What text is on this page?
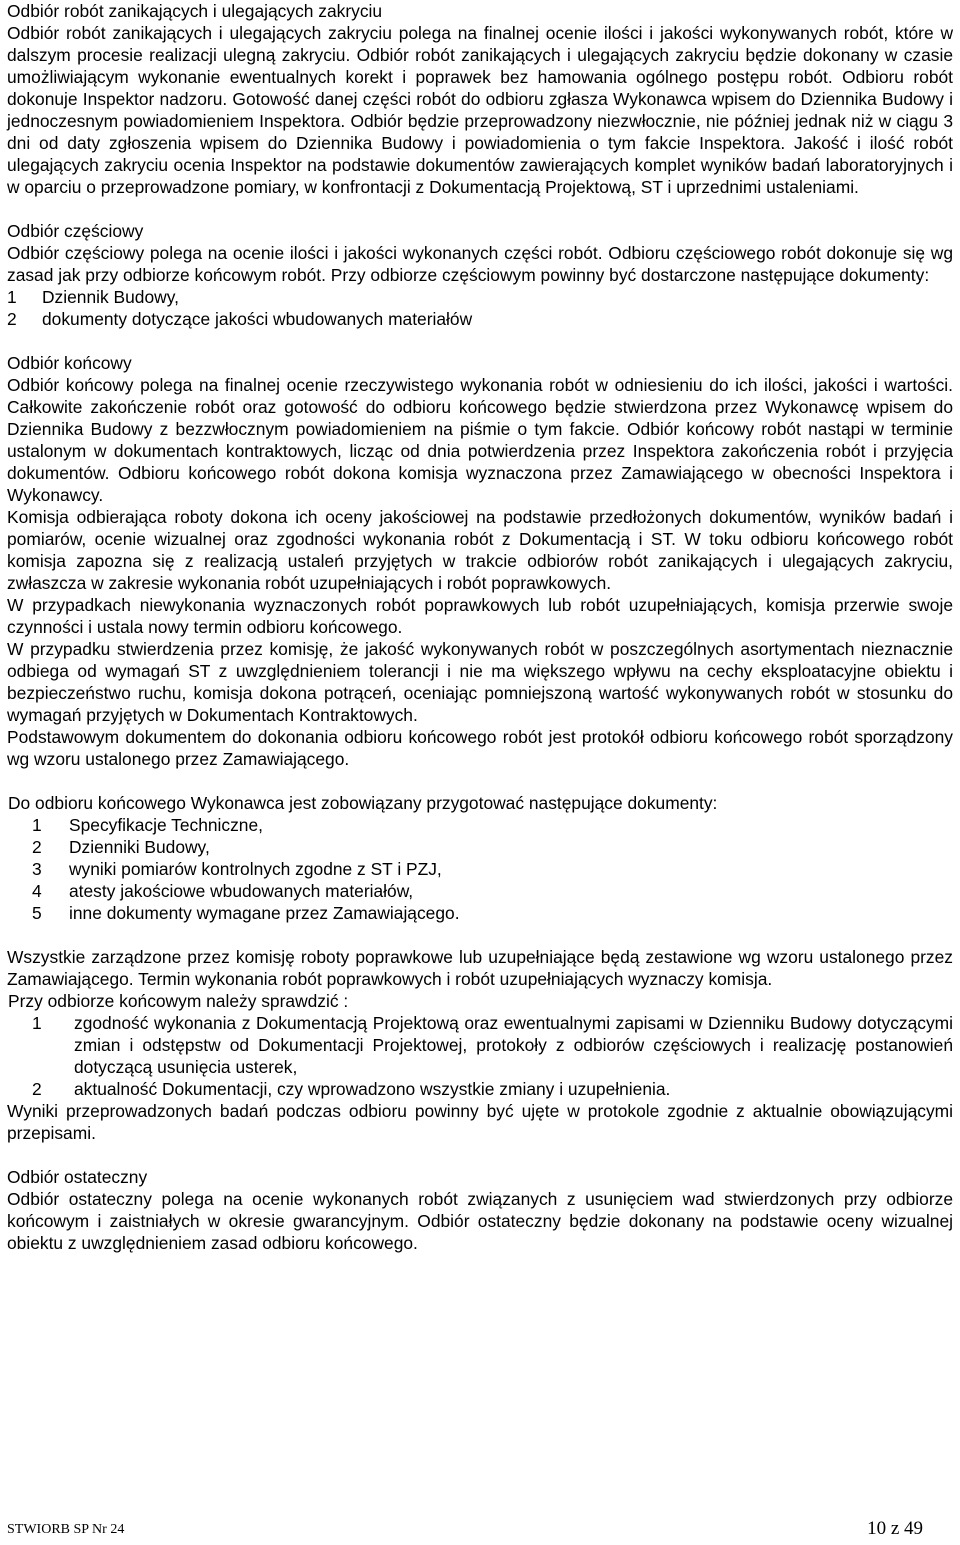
Odbiór robót zanikających i ulegających zakryciu

Odbiór robót zanikających i ulegających zakryciu polega na finalnej ocenie ilości i jakości wykonywanych robót, które w dalszym procesie realizacji ulegną zakryciu. Odbiór robót zanikających i ulegających zakryciu będzie dokonany w czasie umożliwiającym wykonanie ewentualnych korekt i poprawek bez hamowania ogólnego postępu robót. Odbioru robót dokonuje Inspektor nadzoru. Gotowość danej części robót do odbioru zgłasza Wykonawca wpisem do Dziennika Budowy i jednoczesnym powiadomieniem Inspektora. Odbiór będzie przeprowadzony niezwłocznie, nie później jednak niż w ciągu 3 dni od daty zgłoszenia wpisem do Dziennika Budowy i powiadomienia o tym fakcie Inspektora. Jakość i ilość robót ulegających zakryciu ocenia Inspektor na podstawie dokumentów zawierających komplet wyników badań laboratoryjnych i w oparciu o przeprowadzone pomiary, w konfrontacji z Dokumentacją Projektową, ST i uprzednimi ustaleniami.

Odbiór częściowy

Odbiór częściowy polega na ocenie ilości i jakości wykonanych części robót. Odbioru częściowego robót dokonuje się wg zasad jak przy odbiorze końcowym robót. Przy odbiorze częściowym powinny być dostarczone następujące dokumenty:

1	Dziennik Budowy,
2	dokumenty dotyczące jakości wbudowanych materiałów
Odbiór końcowy

Odbiór końcowy polega na finalnej ocenie rzeczywistego wykonania robót w odniesieniu do ich ilości, jakości i wartości. Całkowite zakończenie robót oraz gotowość do odbioru końcowego będzie stwierdzona przez Wykonawcę wpisem do Dziennika Budowy z bezzwłocznym powiadomieniem na piśmie o tym fakcie. Odbiór końcowy robót nastąpi w terminie ustalonym w dokumentach kontraktowych, licząc od dnia potwierdzenia przez Inspektora zakończenia robót i przyjęcia dokumentów. Odbioru końcowego robót dokona komisja wyznaczona przez Zamawiającego w obecności Inspektora i Wykonawcy.

Komisja odbierająca roboty dokona ich oceny jakościowej na podstawie przedłożonych dokumentów, wyników badań i pomiarów, ocenie wizualnej oraz zgodności wykonania robót z Dokumentacją i ST. W toku odbioru końcowego robót komisja zapozna się z realizacją ustaleń przyjętych w trakcie odbiorów robót zanikających i ulegających zakryciu, zwłaszcza w zakresie wykonania robót uzupełniających i robót poprawkowych.

W przypadkach niewykonania wyznaczonych robót poprawkowych lub robót uzupełniających, komisja przerwie swoje czynności i ustala nowy termin odbioru końcowego.

W przypadku stwierdzenia przez komisję, że jakość wykonywanych robót w poszczególnych asortymentach nieznacznie odbiega od wymagań ST z uwzględnieniem tolerancji i nie ma większego wpływu na cechy eksploatacyjne obiektu i bezpieczeństwo ruchu, komisja dokona potrąceń, oceniając pomniejszoną wartość wykonywanych robót w stosunku do wymagań przyjętych w Dokumentach Kontraktowych.

Podstawowym dokumentem do dokonania odbioru końcowego robót jest protokół odbioru końcowego robót sporządzony wg wzoru ustalonego przez Zamawiającego.

Do odbioru końcowego Wykonawca jest zobowiązany przygotować następujące dokumenty:

1	Specyfikacje Techniczne,
2	Dzienniki Budowy,
3	wyniki pomiarów kontrolnych zgodne z ST i PZJ,
4	atesty jakościowe wbudowanych materiałów,
5	inne dokumenty wymagane przez Zamawiającego.

Wszystkie zarządzone przez komisję roboty poprawkowe lub uzupełniające będą zestawione wg wzoru ustalonego przez Zamawiającego. Termin wykonania robót poprawkowych i robót uzupełniających wyznaczy komisja.

Przy odbiorze końcowym należy sprawdzić :

1	zgodność wykonania z Dokumentacją Projektową oraz ewentualnymi zapisami w Dzienniku Budowy dotyczącymi zmian i odstępstw od Dokumentacji Projektowej, protokoły z odbiorów częściowych i realizację postanowień dotyczącą usunięcia usterek,
2	aktualność Dokumentacji, czy wprowadzono wszystkie zmiany i uzupełnienia.

Wyniki przeprowadzonych badań podczas odbioru powinny być ujęte w protokole zgodnie z aktualnie obowiązującymi przepisami.

Odbiór ostateczny

Odbiór ostateczny polega na ocenie wykonanych robót związanych z usunięciem wad stwierdzonych przy odbiorze końcowym i zaistniałych w okresie gwarancyjnym. Odbiór ostateczny będzie dokonany na podstawie oceny wizualnej obiektu z uwzględnieniem zasad odbioru końcowego.

STWIORB SP Nr 24	10 z 49
